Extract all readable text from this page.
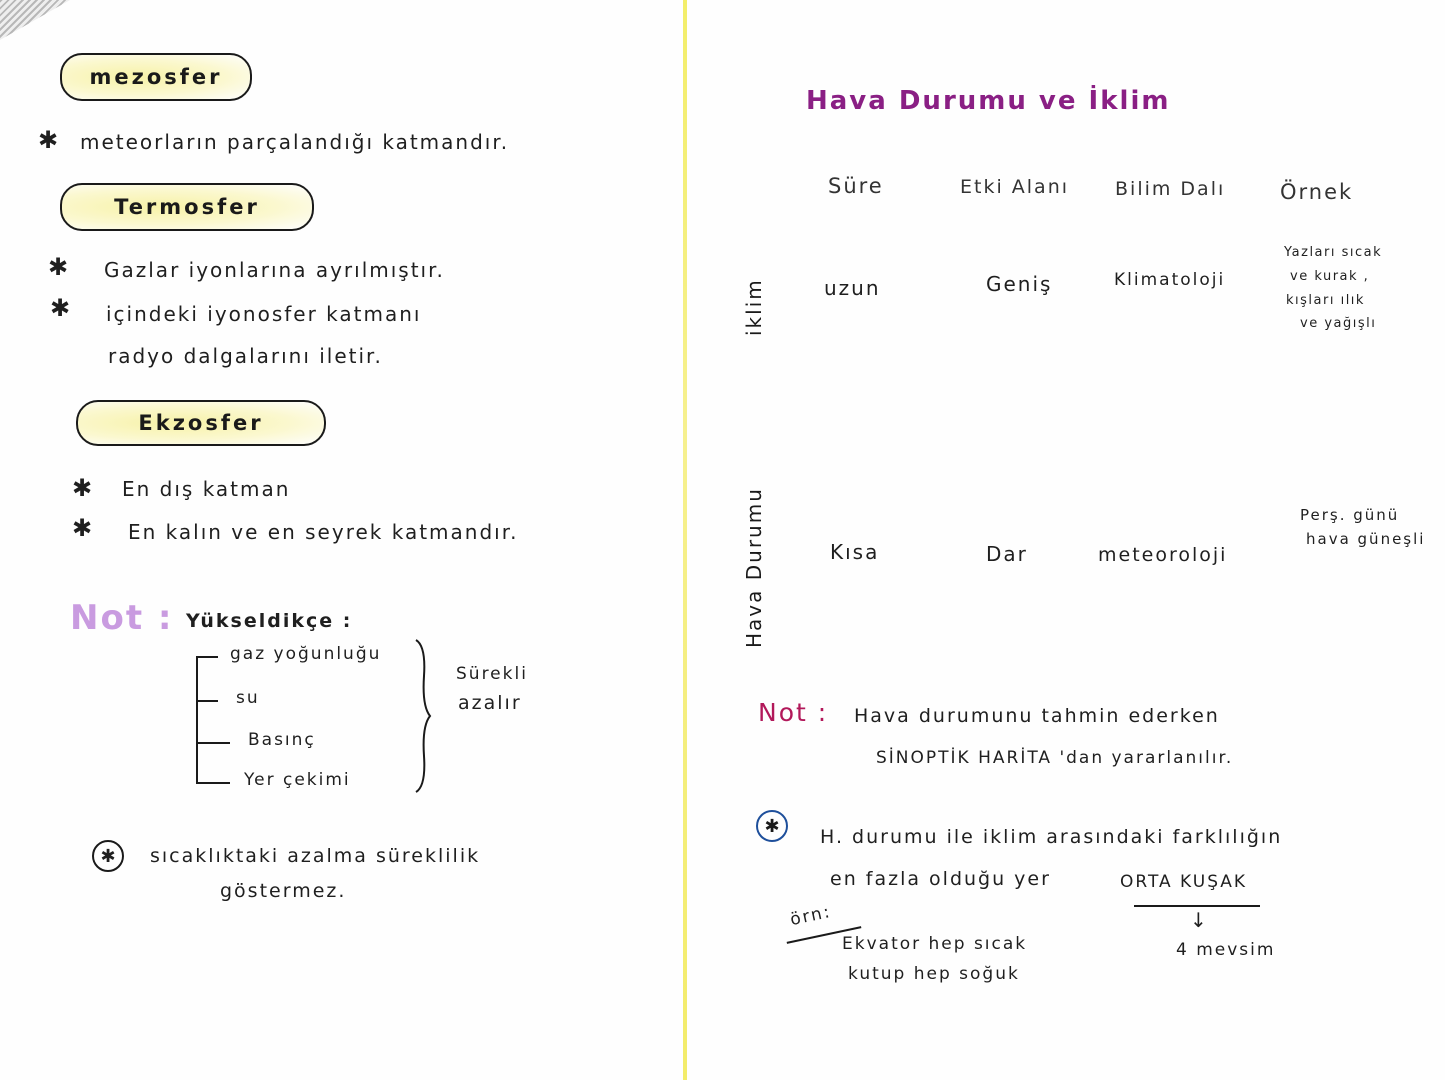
mezosfer
✱ meteorların parçalandığı katmandır.
Termosfer
✱ Gazlar iyonlarına ayrılmıştır.
✱ içindeki iyonosfer katmanı
radyo dalgalarını iletir.
Ekzosfer
✱ En dış katman
✱ En kalın ve en seyrek katmandır.
Not : Yükseldikçe :
gaz yoğunluğu
su
Basınç
Yer çekimi
Sürekli
azalır
✱	sıcaklıktaki azalma süreklilik
göstermez.
Hava Durumu ve İklim
Süre	Etki Alanı Bilim Dalı	Örnek
iklim	uzun	Geniş	Klimatoloji
Yazları sıcak
ve kurak ,
kışları ılık
ve yağışlı
Hava Durumu	Kısa	Dar	meteoroloji
Perş. günü
hava güneşli
Not : Hava durumunu tahmin ederken
SİNOPTİK HARİTA 'dan yararlanılır.
✱	H. durumu ile iklim arasındaki farklılığın
en fazla olduğu yer	ORTA KUŞAK
↓
4 mevsim
örn:
Ekvator hep sıcak
kutup hep soğuk
